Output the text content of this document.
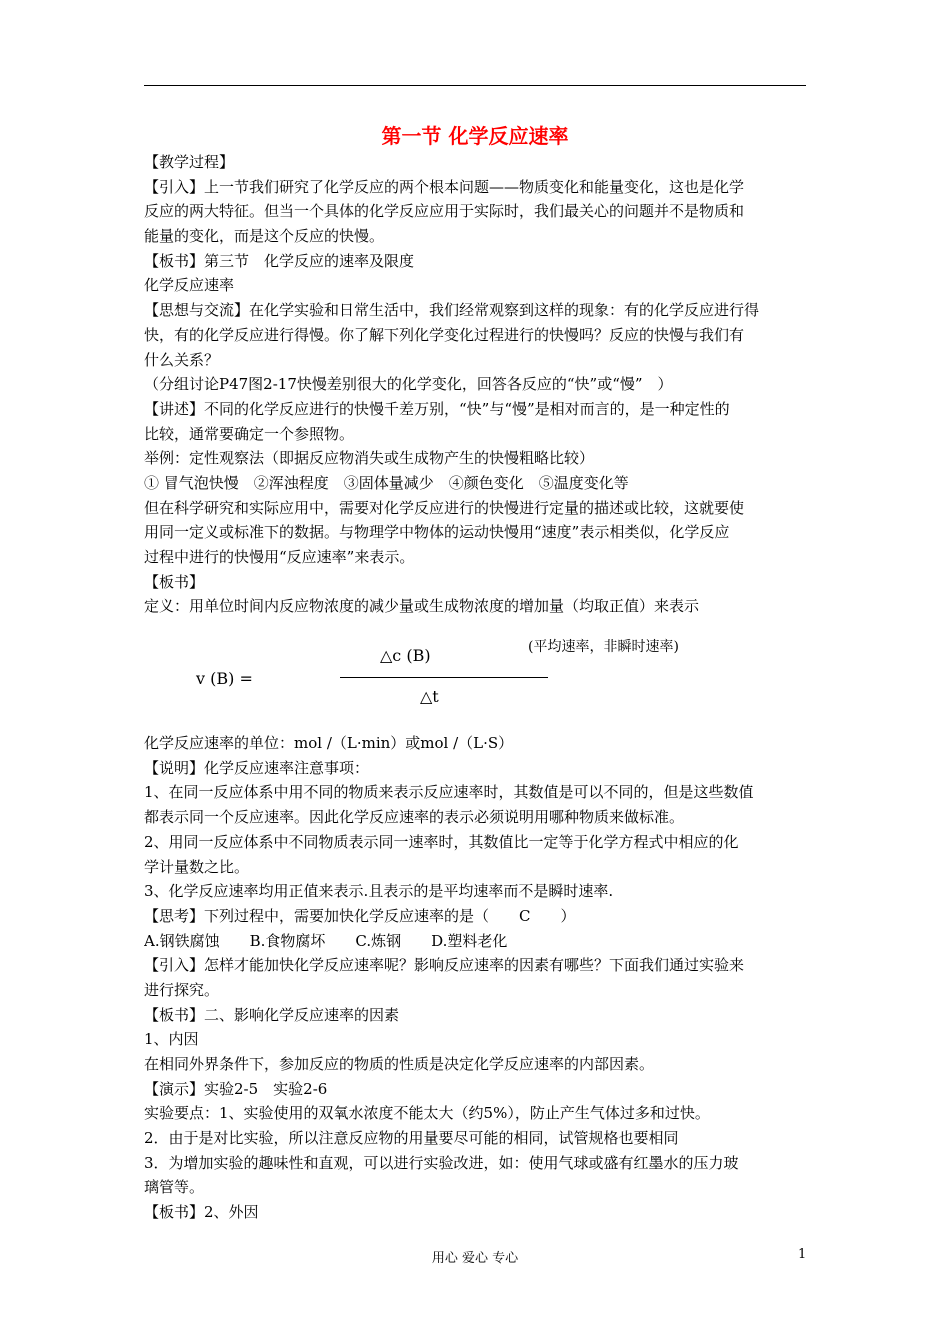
第一节 化学反应速率
【教学过程】
【引入】上一节我们研究了化学反应的两个根本问题——物质变化和能量变化，这也是化学
反应的两大特征。但当一个具体的化学反应应用于实际时，我们最关心的问题并不是物质和
能量的变化，而是这个反应的快慢。
【板书】第三节　化学反应的速率及限度
化学反应速率
【思想与交流】在化学实验和日常生活中，我们经常观察到这样的现象：有的化学反应进行得
快，有的化学反应进行得慢。你了解下列化学变化过程进行的快慢吗？反应的快慢与我们有
什么关系？
（分组讨论P47图2-17快慢差别很大的化学变化，回答各反应的“快”或“慢”　）
【讲述】不同的化学反应进行的快慢千差万别，“快”与“慢”是相对而言的，是一种定性的
比较，通常要确定一个参照物。
举例：定性观察法（即据反应物消失或生成物产生的快慢粗略比较）
① 冒气泡快慢　②浑浊程度　③固体量减少　④颜色变化　⑤温度变化等
但在科学研究和实际应用中，需要对化学反应进行的快慢进行定量的描述或比较，这就要使
用同一定义或标准下的数据。与物理学中物体的运动快慢用“速度”表示相类似，化学反应
过程中进行的快慢用“反应速率”来表示。
【板书】
定义：用单位时间内反应物浓度的减少量或生成物浓度的增加量（均取正值）来表示
v (B) =
△c (B)
△t
(平均速率，非瞬时速率)
化学反应速率的单位：mol /（L·min）或mol /（L·S）
【说明】化学反应速率注意事项：
1、在同一反应体系中用不同的物质来表示反应速率时，其数值是可以不同的，但是这些数值
都表示同一个反应速率。因此化学反应速率的表示必须说明用哪种物质来做标准。
2、用同一反应体系中不同物质表示同一速率时，其数值比一定等于化学方程式中相应的化
学计量数之比。
3、化学反应速率均用正值来表示.且表示的是平均速率而不是瞬时速率.
【思考】下列过程中，需要加快化学反应速率的是（　　C　　）
A.钢铁腐蚀　　B.食物腐坏　　C.炼钢　　D.塑料老化
【引入】怎样才能加快化学反应速率呢？影响反应速率的因素有哪些？下面我们通过实验来
进行探究。
【板书】二、影响化学反应速率的因素
1、内因
在相同外界条件下，参加反应的物质的性质是决定化学反应速率的内部因素。
【演示】实验2-5　实验2-6
实验要点：1、实验使用的双氧水浓度不能太大（约5%），防止产生气体过多和过快。
2．由于是对比实验，所以注意反应物的用量要尽可能的相同，试管规格也要相同
3．为增加实验的趣味性和直观，可以进行实验改进，如：使用气球或盛有红墨水的压力玻
璃管等。
【板书】2、外因
用心 爱心 专心	1
